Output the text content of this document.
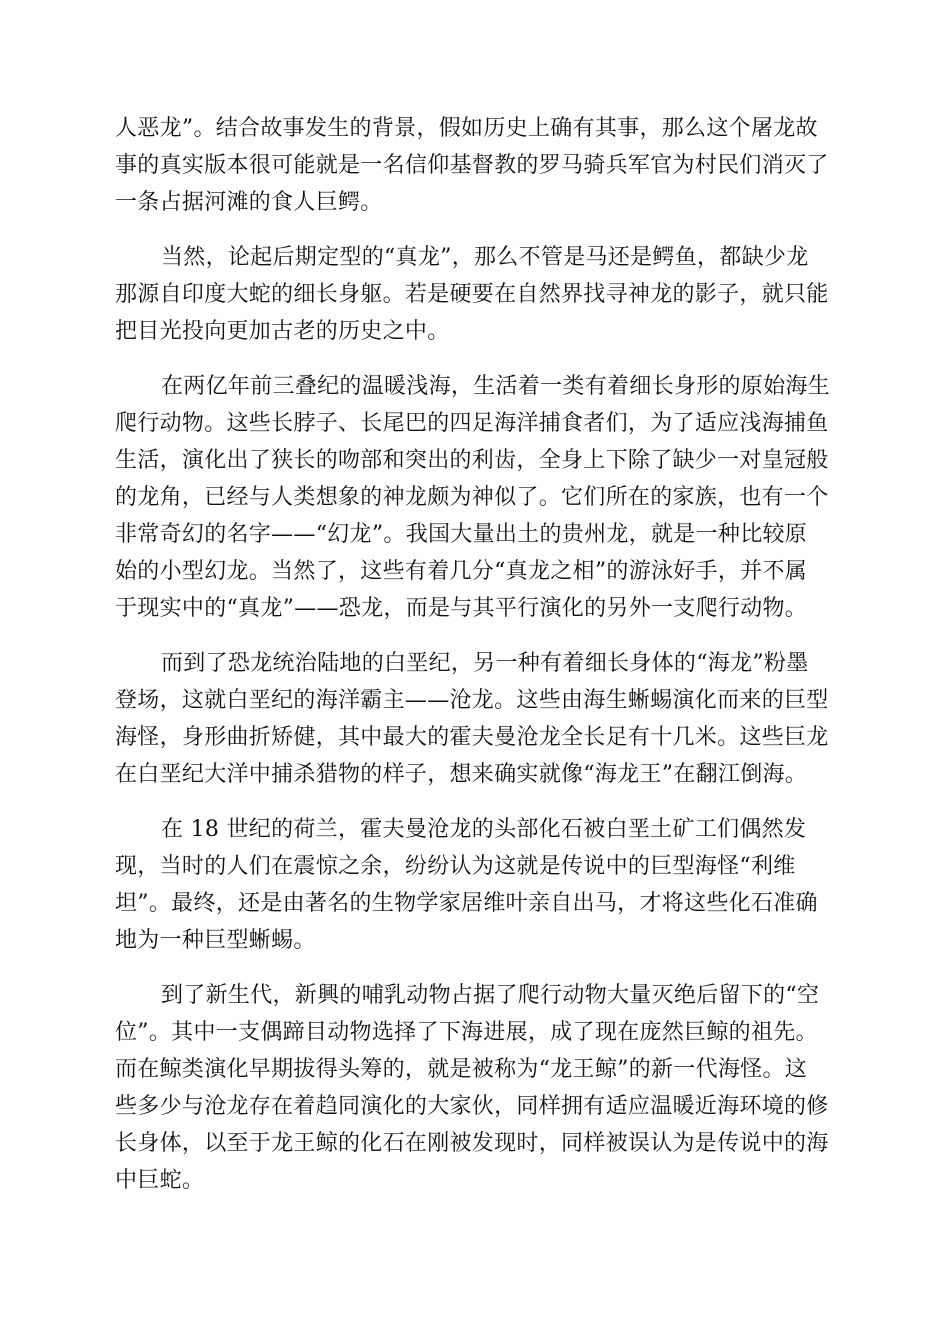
人恶龙”。结合故事发生的背景，假如历史上确有其事，那么这个屠龙故
事的真实版本很可能就是一名信仰基督教的罗马骑兵军官为村民们消灭了
一条占据河滩的食人巨鳄。
当然，论起后期定型的“真龙”，那么不管是马还是鳄鱼，都缺少龙
那源自印度大蛇的细长身躯。若是硬要在自然界找寻神龙的影子，就只能
把目光投向更加古老的历史之中。
在两亿年前三叠纪的温暖浅海，生活着一类有着细长身形的原始海生
爬行动物。这些长脖子、长尾巴的四足海洋捕食者们，为了适应浅海捕鱼
生活，演化出了狭长的吻部和突出的利齿，全身上下除了缺少一对皇冠般
的龙角，已经与人类想象的神龙颇为神似了。它们所在的家族，也有一个
非常奇幻的名字——“幻龙”。我国大量出土的贵州龙，就是一种比较原
始的小型幻龙。当然了，这些有着几分“真龙之相”的游泳好手，并不属
于现实中的“真龙”——恐龙，而是与其平行演化的另外一支爬行动物。
而到了恐龙统治陆地的白垩纪，另一种有着细长身体的“海龙”粉墨
登场，这就白垩纪的海洋霸主——沧龙。这些由海生蜥蜴演化而来的巨型
海怪，身形曲折矫健，其中最大的霍夫曼沧龙全长足有十几米。这些巨龙
在白垩纪大洋中捕杀猎物的样子，想来确实就像“海龙王”在翻江倒海。
在 18 世纪的荷兰，霍夫曼沧龙的头部化石被白垩土矿工们偶然发
现，当时的人们在震惊之余，纷纷认为这就是传说中的巨型海怪“利维
坦”。最终，还是由著名的生物学家居维叶亲自出马，才将这些化石准确
地为一种巨型蜥蜴。
到了新生代，新興的哺乳动物占据了爬行动物大量灭绝后留下的“空
位”。其中一支偶蹄目动物选择了下海进展，成了现在庞然巨鲸的祖先。
而在鲸类演化早期拔得头筹的，就是被称为“龙王鲸”的新一代海怪。这
些多少与沧龙存在着趋同演化的大家伙，同样拥有适应温暖近海环境的修
长身体，以至于龙王鲸的化石在刚被发现时，同样被误认为是传说中的海
中巨蛇。
